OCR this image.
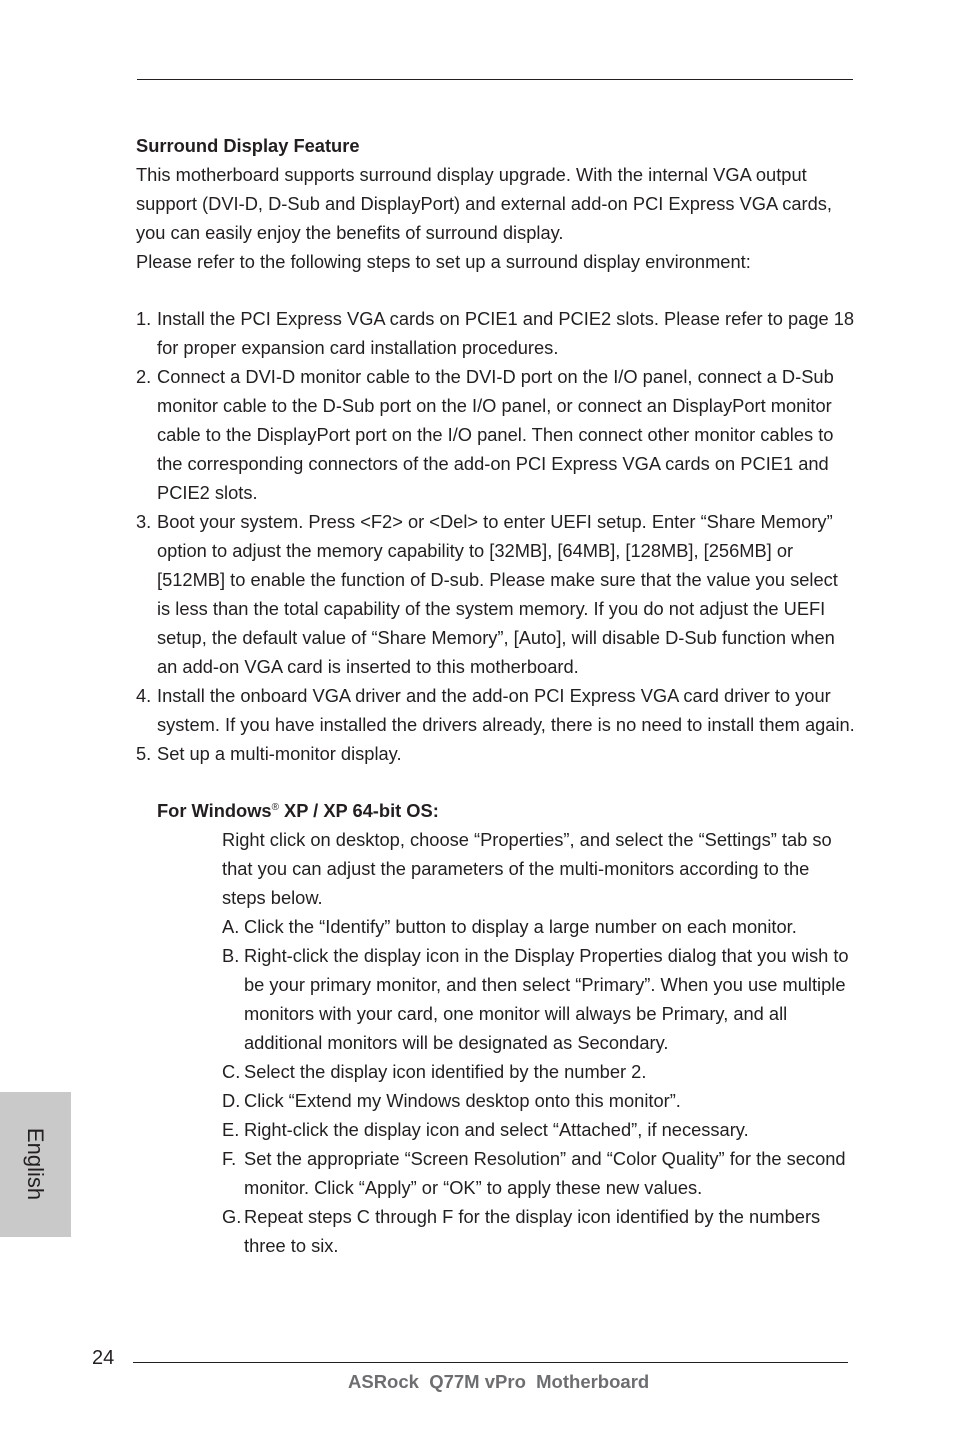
Surround Display Feature

This motherboard supports surround display upgrade. With the internal VGA output support (DVI-D, D-Sub and DisplayPort) and external add-on PCI Express VGA cards, you can easily enjoy the benefits of surround display.

Please refer to the following steps to set up a surround display environment:

1. Install the PCI Express VGA cards on PCIE1 and PCIE2 slots. Please refer to page 18 for proper expansion card installation procedures.
2. Connect a DVI-D monitor cable to the DVI-D port on the I/O panel, connect a D-Sub monitor cable to the D-Sub port on the I/O panel, or connect an DisplayPort monitor cable to the DisplayPort port on the I/O panel. Then connect other monitor cables to the corresponding connectors of the add-on PCI Express VGA cards on PCIE1 and PCIE2 slots.
3. Boot your system. Press <F2> or <Del> to enter UEFI setup. Enter “Share Memory” option to adjust the memory capability to [32MB], [64MB], [128MB], [256MB] or [512MB] to enable the function of D-sub. Please make sure that the value you select is less than the total capability of the system memory. If you do not adjust the UEFI setup, the default value of “Share Memory”, [Auto], will disable D-Sub function when an add-on VGA card is inserted to this motherboard.
4. Install the onboard VGA driver and the add-on PCI Express VGA card driver to your system. If you have installed the drivers already, there is no need to install them again.
5. Set up a multi-monitor display.

For Windows® XP / XP 64-bit OS:

Right click on desktop, choose “Properties”, and select the “Settings” tab so that you can adjust the parameters of the multi-monitors according to the steps below.

A. Click the “Identify” button to display a large number on each monitor.
B. Right-click the display icon in the Display Properties dialog that you wish to be your primary monitor, and then select “Primary”. When you use multiple monitors with your card, one monitor will always be Primary, and all additional monitors will be designated as Secondary.
C. Select the display icon identified by the number 2.
D. Click “Extend my Windows desktop onto this monitor”.
E. Right-click the display icon and select “Attached”, if necessary.
F. Set the appropriate “Screen Resolution” and “Color Quality” for the second monitor. Click “Apply” or “OK” to apply these new values.
G. Repeat steps C through F for the display icon identified by the numbers three to six.
English
24
ASRock  Q77M vPro  Motherboard
